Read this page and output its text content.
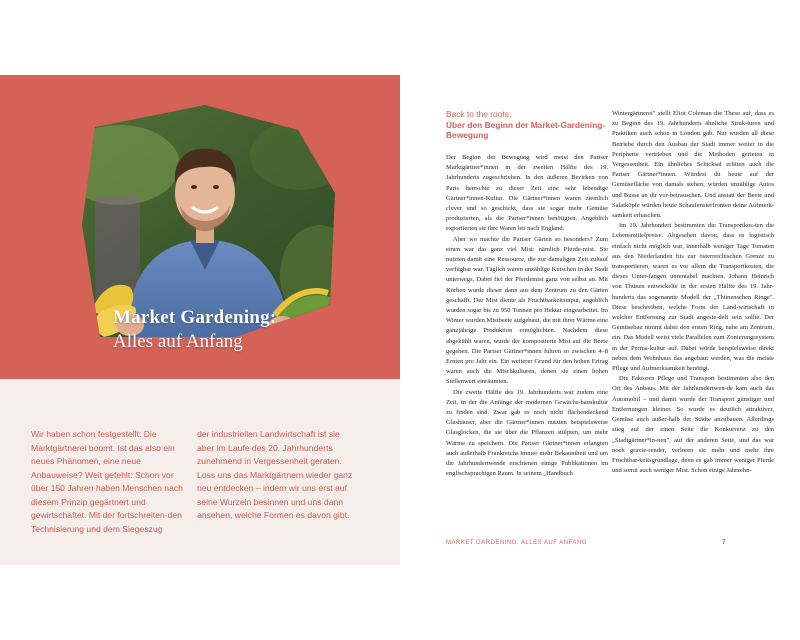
Market Gardening:
Alles auf Anfang
Wir haben schon festgestellt: Die Marktgärtnerei boomt. Ist das also ein neues Phänomen, eine neue Anbauweise? Weit gefehlt: Schon vor über 150 Jahren haben Menschen nach diesem Prinzip gegärtnert und gewirtschaftet. Mit der fortschreiten-den Technisierung und dem Siegeszug
der industriellen Landwirtschaft ist sie aber im Laufe des 20. Jahrhunderts zunehmend in Vergessenheit geraten. Loss uns das Marktgärtnern wieder ganz neu entdecken – indem wir uns erst auf seine Wurzeln besinnen und uns dann ansehen, welche Formen es davon gibt.
Back to the roots:
Über den Beginn der Market-Gardening-Bewegung

Der Beginn der Bewegung wird meist den Pariser Marktgärtner*innen in der zweiten Hälfte des 19. Jahrhunderts zugeschrieben. In den äußeren Bezirken von Paris herrschte zu dieser Zeit eine sehr lebendige Gärtner*innen-Kultur. Die Gärtner*innen waren ziemlich clever und so geschickt, dass sie sogar mehr Gemüse produzierten, als die Pariser*innen benötigten. Angeblich exportierten sie ihre Waren bis nach England.

Aber wo machte die Pariser Gärten so besonders? Zum einen war das ganz viel Mist: nämlich Pferde-mist. Sie nutzten damit eine Ressource, die zur damaligen Zeit zuhauf verfügbar war. Täglich waren unzählige Kutschen in der Stadt unterwegs. Dabei fiel der Pferdemist ganz von selbst an. Mit Körben wurde dieser dann aus dem Zentrum zu den Gärten geschafft. Der Mist diente als Fruchtbarkeitsinput, angeblich wurden sogar bis zu 950 Tonnen pro Hektar eingearbeitet. Im Winter wurden Mistbeete aufgebaut, die mit ihrer Wärme eine ganzjährige Produktion ermöglichten. Nachdem diese abgekühlt waren, wurde der kompostierte Mist auf die Beete gegeben. Die Pariser Gärtner*innen fuhren so zwischen 4–8 Ernten pro Jahr ein. Ein weiterer Grund für den hohen Ertrag waren auch die Mischkulturen, denen sie einen hohen Stellenwert einräumten.

Die zweite Hälfte des 19. Jahrhunderts war zudem eine Zeit, in der die Anfänge der modernen Gewächs-hauskultur zu finden sind. Zwar gab es noch nicht flächendeckend Glashäuser, aber die Gärtner*innen nutzten beispielsweise Glasglocken, die sie über die Pflanzen stülpten, um mehr Wärme zu speichern. Die Pariser Gärtner*innen erlangten auch außerhalb Frankreichs immer mehr Bekanntheit und um die Jahrhundertwende erschienen einige Publikationen im englischsprachigen Raum. In seinem „Handbuch

Wintergärtnerei" stellt Eliot Coleman die These auf, dass es zu Beginn des 19. Jahrhunderts ähnliche Struk-turen und Praktiken auch schon in London gab. Nur wurden all diese Betriebe durch den Ausbau der Stadt immer weiter in die Peripherie vertrieben und die Methoden gerieten in Vergessenheit. Ein ähnliches Schicksal erlitten auch die Pariser Gärtner*innen. Würdest du heute auf der Gemüsefläche von damals stehen, würden unzählige Autos und Busse an dir vor-beirauschen. Und anstatt der Beete und Salatköpfe würden heute Schaufensterfronten deine Aufmerk-samkeit erhaschen.

Im 19. Jahrhundert bestimmten die Transportkos-ten die Lebensmittelpreise. Abgesehen davon, dass es logistisch einfach nicht möglich war, innerhalb weniger Tage Tomaten aus den Niederlanden bis zur österreichischen Grenze zu transportieren, waren es vor allem die Transportkosten, die dieses Unter-fangen unrentabel machten. Johann Heinrich von Thünen entwickelte in der ersten Hälfte des 19. Jahr-hunderts das sogenannte Modell der „Thünenschen Ringe". Diese beschreiben, welche Form der Land-wirtschaft in welcher Entfernung zur Stadt angesie-delt sein sollte. Der Gemüsebau nimmt dabei den ersten Ring, nahe am Zentrum, ein. Das Modell weist viele Parallelen zum Zonierungssystem in der Perma-kultur auf. Dabei würde beispielsweise direkt neben dem Wohnhaus das angebaut werden, was die meiste Pflege und Aufmerksamkeit benötigt.

Die Faktoren Pflege und Transport bestimmten also den Ort des Anbaus. Mit der Jahrhundertwen-de kam auch das Automobil – und damit wurde der Transport günstiger und Entfernungen kleiner. So wurde es deutlich attraktiver, Gemüse auch außer-halb der Städte anzubauen. Allerdings stieg auf der einen Seite die Konkurrenz zu den „Stadtgärtner*in-nen", auf der anderen Seite, und das war noch gravie-render, verloren sie mehr und mehr ihre Fruchtbar-keitsgrundlage, denn es gab immer weniger Pferde und somit auch weniger Mist. Schon einige Jahrzehn-

MARKET GARDENING: ALLES AUF ANFANG	7
